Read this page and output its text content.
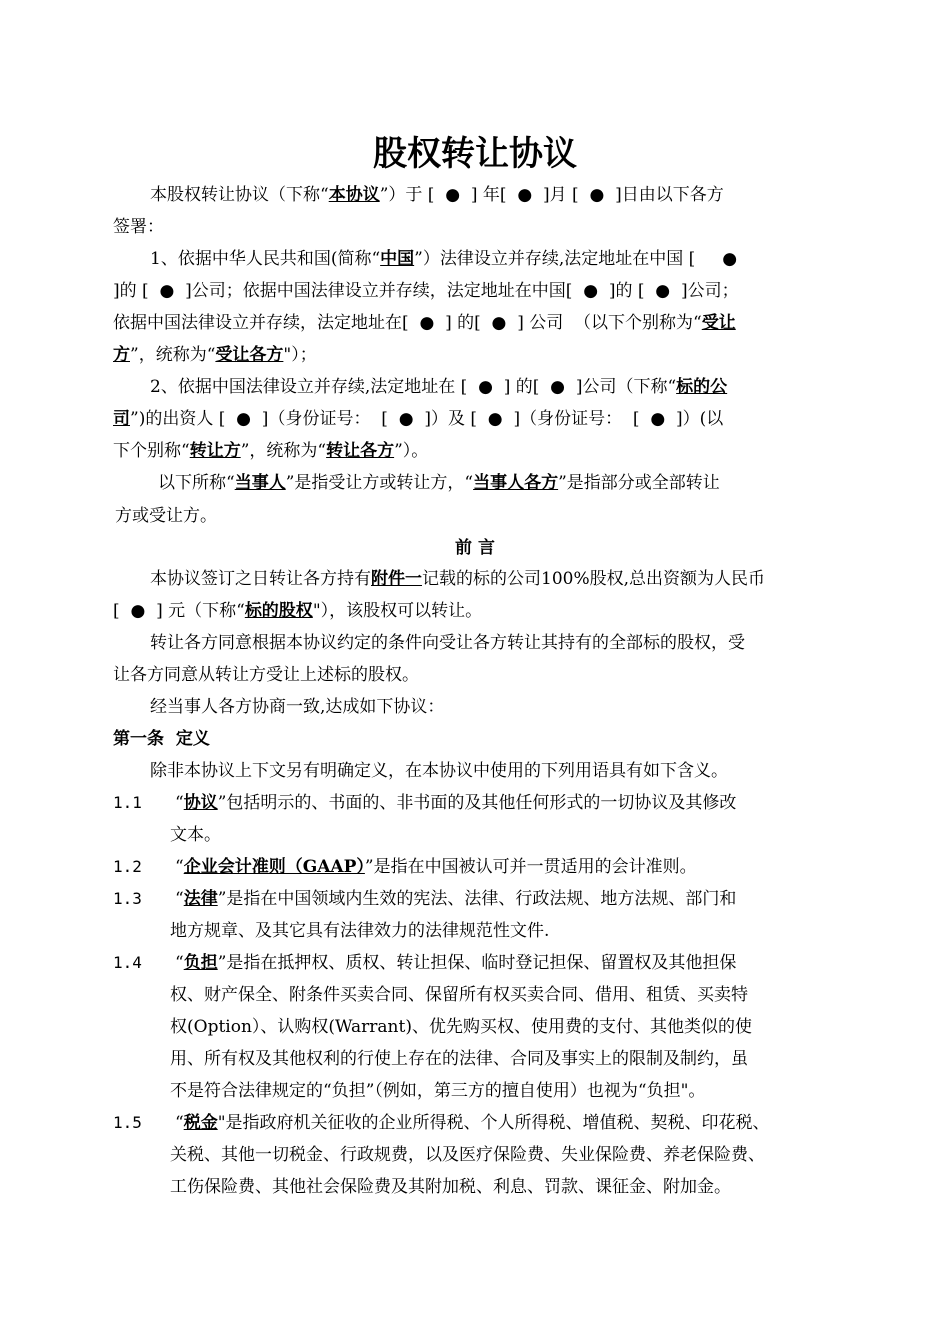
股权转让协议
本股权转让协议（下称“本协议”）于 [  ●  ] 年[  ●  ]月 [  ●  ]日由以下各方
签署：
1、依据中华人民共和国(简称“中国”）法律设立并存续,法定地址在中国 [     ●
]的 [  ●  ]公司；依据中国法律设立并存续，法定地址在中国[  ●  ]的 [  ●  ]公司；
依据中国法律设立并存续，法定地址在[  ●  ] 的[  ●  ] 公司  （以下个别称为“受让
方”，统称为“受让各方"）；
2、依据中国法律设立并存续,法定地址在 [  ●  ] 的[  ●  ]公司（下称“标的公
司”)的出资人 [  ●  ]（身份证号：  [  ●  ]）及 [  ●  ]（身份证号：  [  ●  ]）(以
下个别称“转让方”，统称为“转让各方”）。
以下所称“当事人”是指受让方或转让方，“当事人各方”是指部分或全部转让
方或受让方。
前 言
本协议签订之日转让各方持有附件一记载的标的公司100%股权,总出资额为人民币
[  ●  ] 元（下称“标的股权"），该股权可以转让。
转让各方同意根据本协议约定的条件向受让各方转让其持有的全部标的股权，受
让各方同意从转让方受让上述标的股权。
经当事人各方协商一致,达成如下协议：
第一条  定义
除非本协议上下文另有明确定义，在本协议中使用的下列用语具有如下含义。
1.1 “协议”包括明示的、书面的、非书面的及其他任何形式的一切协议及其修改
文本。
1.2 “企业会计准则（GAAP）”是指在中国被认可并一贯适用的会计准则。
1.3 “法律”是指在中国领域内生效的宪法、法律、行政法规、地方法规、部门和
地方规章、及其它具有法律效力的法律规范性文件.
1.4 “负担”是指在抵押权、质权、转让担保、临时登记担保、留置权及其他担保
权、财产保全、附条件买卖合同、保留所有权买卖合同、借用、租赁、买卖特
权(Option）、认购权(Warrant)、优先购买权、使用费的支付、其他类似的使
用、所有权及其他权利的行使上存在的法律、合同及事实上的限制及制约，虽
不是符合法律规定的“负担”（例如，第三方的擅自使用）也视为“负担"。
1.5 “税金"是指政府机关征收的企业所得税、个人所得税、增值税、契税、印花税、
关税、其他一切税金、行政规费，以及医疗保险费、失业保险费、养老保险费、
工伤保险费、其他社会保险费及其附加税、利息、罚款、课征金、附加金。
